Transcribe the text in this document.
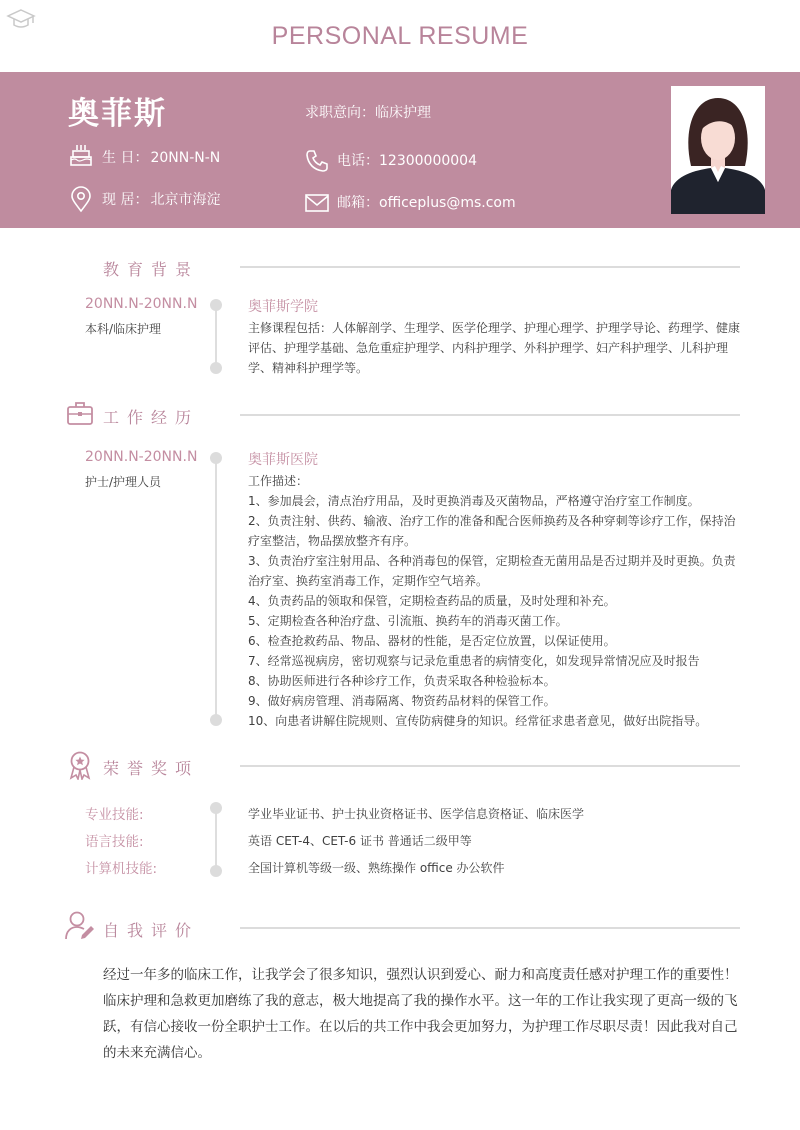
PERSONAL RESUME
奥菲斯
生 日： 20NN-N-N
现 居： 北京市海淀
求职意向：临床护理
电话：12300000004
邮箱：officeplus@ms.com
教育背景
20NN.N-20NN.N
本科/临床护理
奥菲斯学院
主修课程包括：人体解剖学、生理学、医学伦理学、护理心理学、护理学导论、药理学、健康评估、护理学基础、急危重症护理学、内科护理学、外科护理学、妇产科护理学、儿科护理学、精神科护理学等。
工作经历
20NN.N-20NN.N
护士/护理人员
奥菲斯医院
工作描述：
1、参加晨会，清点治疗用品，及时更换消毒及灭菌物品，严格遵守治疗室工作制度。
2、负责注射、供药、输液、治疗工作的准备和配合医师换药及各种穿刺等诊疗工作，保持治疗室整洁，物品摆放整齐有序。
3、负责治疗室注射用品、各种消毒包的保管，定期检查无菌用品是否过期并及时更换。负责治疗室、换药室消毒工作，定期作空气培养。
4、负责药品的领取和保管，定期检查药品的质量，及时处理和补充。
5、定期检查各种治疗盘、引流瓶、换药车的消毒灭菌工作。
6、检查抢救药品、物品、器材的性能，是否定位放置，以保证使用。
7、经常巡视病房，密切观察与记录危重患者的病情变化，如发现异常情况应及时报告
8、协助医师进行各种诊疗工作，负责采取各种检验标本。
9、做好病房管理、消毒隔离、物资药品材料的保管工作。
10、向患者讲解住院规则、宣传防病健身的知识。经常征求患者意见，做好出院指导。
荣誉奖项
专业技能:	学业毕业证书、护士执业资格证书、医学信息资格证、临床医学
语言技能:	英语 CET-4、CET-6 证书 普通话二级甲等
计算机技能:	全国计算机等级一级、熟练操作 office 办公软件
自我评价
经过一年多的临床工作，让我学会了很多知识，强烈认识到爱心、耐力和高度责任感对护理工作的重要性！临床护理和急救更加磨练了我的意志，极大地提高了我的操作水平。这一年的工作让我实现了更高一级的飞跃，有信心接收一份全职护士工作。在以后的共工作中我会更加努力，为护理工作尽职尽责！因此我对自己的未来充满信心。
